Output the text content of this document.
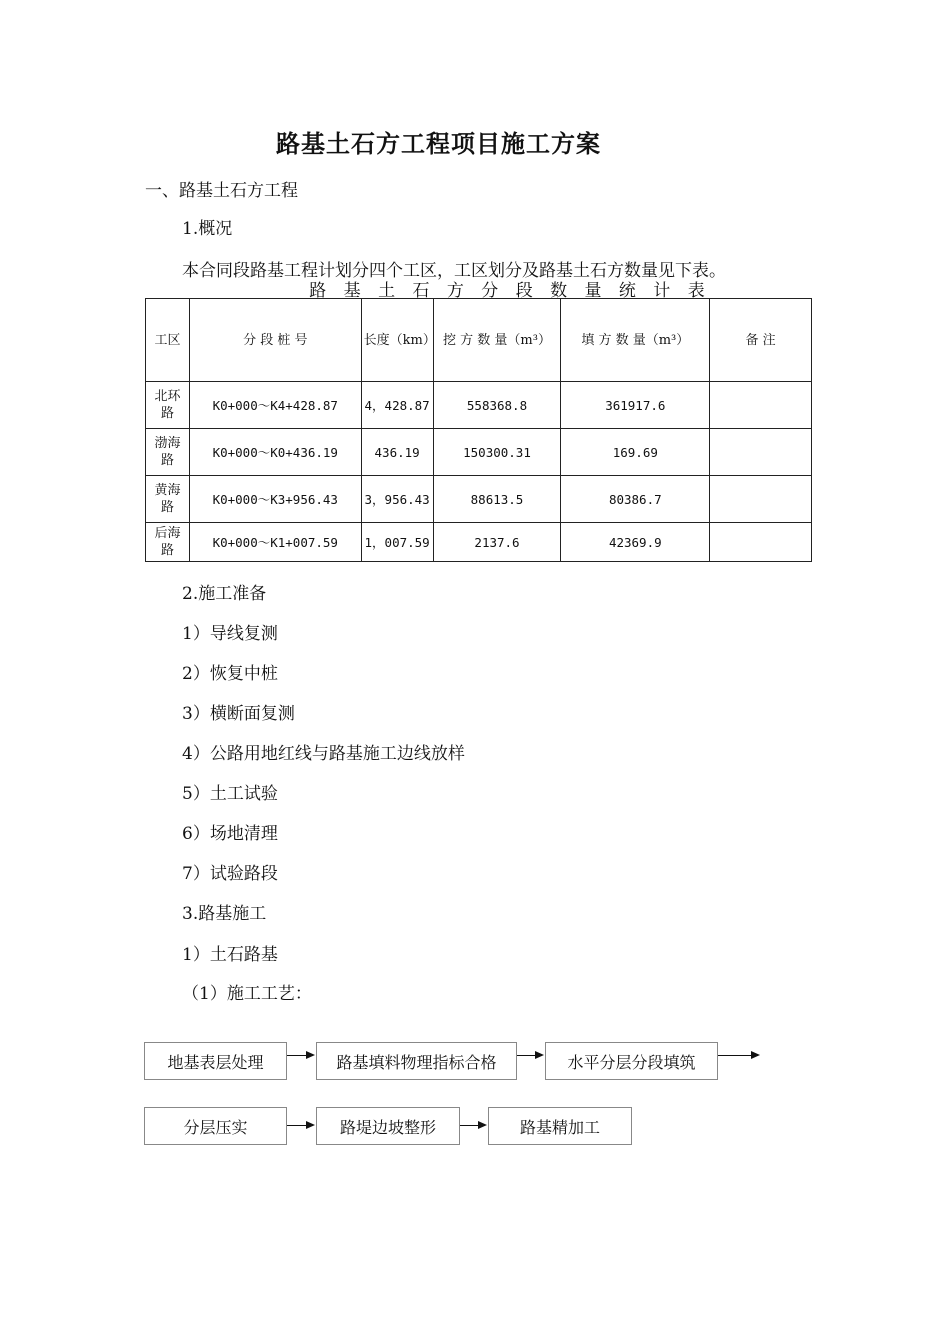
路基土石方工程项目施工方案
一、路基土石方工程
1.概况
本合同段路基工程计划分四个工区，工区划分及路基土石方数量见下表。
路 基 土 石 方 分 段 数 量 统 计 表
工区	分 段 桩 号	长度（km）	挖 方 数 量（m³）	填 方 数 量（m³）	备 注
北环路	K0+000～K4+428.87	4，428.87	558368.8	361917.6	
渤海路	K0+000～K0+436.19	436.19	150300.31	169.69	
黄海路	K0+000～K3+956.43	3，956.43	88613.5	80386.7	
后海路	K0+000～K1+007.59	1，007.59	2137.6	42369.9	
2.施工准备
1）导线复测
2）恢复中桩
3）横断面复测
4）公路用地红线与路基施工边线放样
5）土工试验
6）场地清理
7）试验路段
3.路基施工
1）土石路基
（1）施工工艺：
地基表层处理	路基填料物理指标合格	水平分层分段填筑
分层压实	路堤边坡整形	路基精加工
